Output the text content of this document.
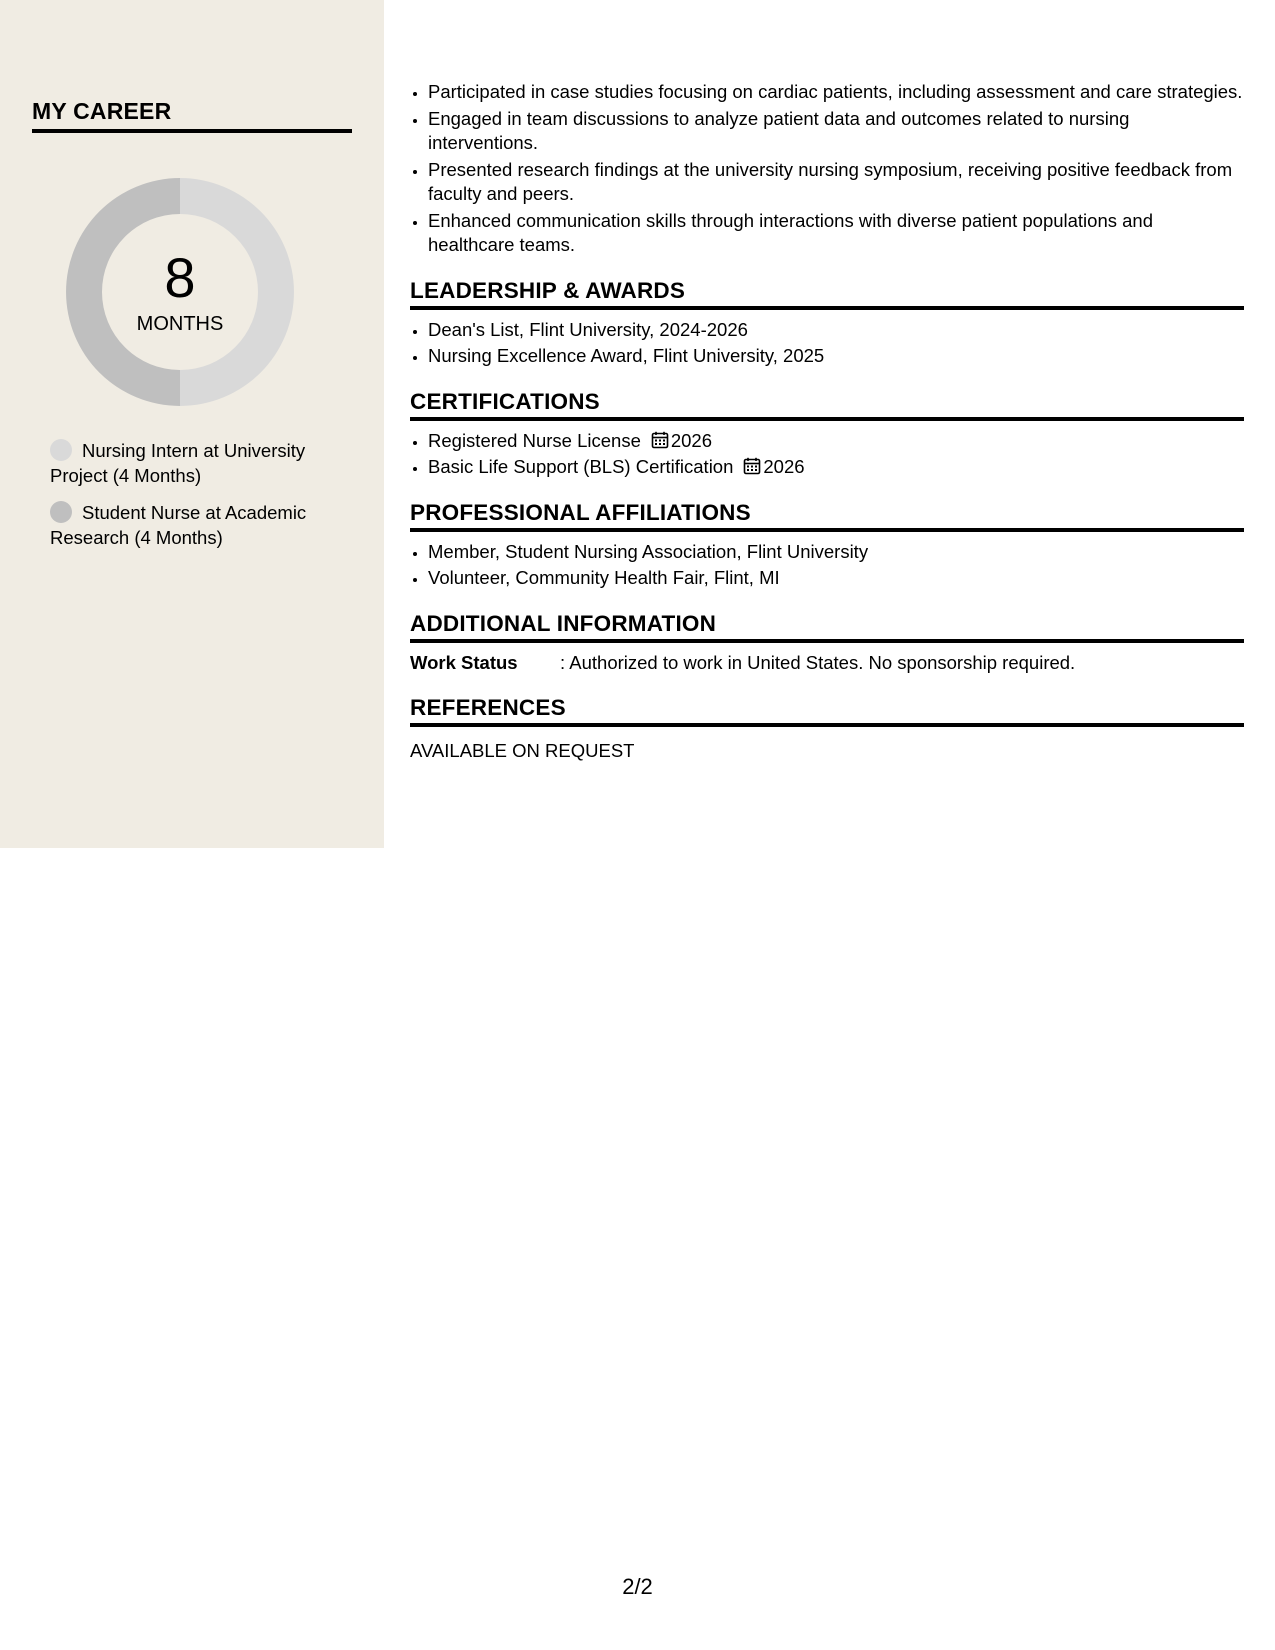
MY CAREER
8
MONTHS
Nursing Intern at University Project (4 Months)
Student Nurse at Academic Research (4 Months)
• Participated in case studies focusing on cardiac patients, including assessment and care strategies.
• Engaged in team discussions to analyze patient data and outcomes related to nursing interventions.
• Presented research findings at the university nursing symposium, receiving positive feedback from faculty and peers.
• Enhanced communication skills through interactions with diverse patient populations and healthcare teams.
LEADERSHIP & AWARDS
• Dean's List, Flint University, 2024-2026
• Nursing Excellence Award, Flint University, 2025
CERTIFICATIONS
• Registered Nurse License 2026
• Basic Life Support (BLS) Certification 2026
PROFESSIONAL AFFILIATIONS
• Member, Student Nursing Association, Flint University
• Volunteer, Community Health Fair, Flint, MI
ADDITIONAL INFORMATION
Work Status : Authorized to work in United States. No sponsorship required.
REFERENCES
AVAILABLE ON REQUEST
2/2
